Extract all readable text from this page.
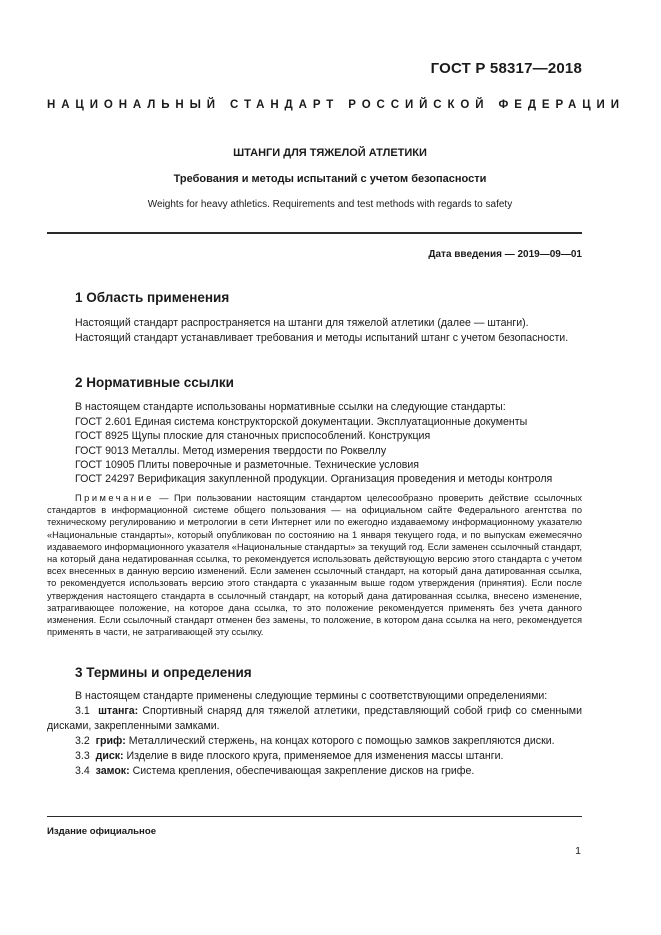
ГОСТ Р 58317—2018
НАЦИОНАЛЬНЫЙ СТАНДАРТ РОССИЙСКОЙ ФЕДЕРАЦИИ
ШТАНГИ ДЛЯ ТЯЖЕЛОЙ АТЛЕТИКИ
Требования и методы испытаний с учетом безопасности
Weights for heavy athletics. Requirements and test methods with regards to safety
Дата введения — 2019—09—01
1 Область применения
Настоящий стандарт распространяется на штанги для тяжелой атлетики (далее — штанги).
Настоящий стандарт устанавливает требования и методы испытаний штанг с учетом безопасности.
2 Нормативные ссылки
В настоящем стандарте использованы нормативные ссылки на следующие стандарты:
ГОСТ 2.601 Единая система конструкторской документации. Эксплуатационные документы
ГОСТ 8925 Щупы плоские для станочных приспособлений. Конструкция
ГОСТ 9013 Металлы. Метод измерения твердости по Роквеллу
ГОСТ 10905 Плиты поверочные и разметочные. Технические условия
ГОСТ 24297 Верификация закупленной продукции. Организация проведения и методы контроля
Примечание — При пользовании настоящим стандартом целесообразно проверить действие ссылочных стандартов в информационной системе общего пользования — на официальном сайте Федерального агентства по техническому регулированию и метрологии в сети Интернет или по ежегодно издаваемому информационному указателю «Национальные стандарты», который опубликован по состоянию на 1 января текущего года, и по выпускам ежемесячно издаваемого информационного указателя «Национальные стандарты» за текущий год. Если заменен ссылочный стандарт, на который дана недатированная ссылка, то рекомендуется использовать действующую версию этого стандарта с учетом всех внесенных в данную версию изменений. Если заменен ссылочный стандарт, на который дана датированная ссылка, то рекомендуется использовать версию этого стандарта с указанным выше годом утверждения (принятия). Если после утверждения настоящего стандарта в ссылочный стандарт, на который дана датированная ссылка, внесено изменение, затрагивающее положение, на которое дана ссылка, то это положение рекомендуется применять без учета данного изменения. Если ссылочный стандарт отменен без замены, то положение, в котором дана ссылка на него, рекомендуется применять в части, не затрагивающей эту ссылку.
3 Термины и определения
В настоящем стандарте применены следующие термины с соответствующими определениями:
3.1 штанга: Спортивный снаряд для тяжелой атлетики, представляющий собой гриф со сменными дисками, закрепленными замками.
3.2 гриф: Металлический стержень, на концах которого с помощью замков закрепляются диски.
3.3 диск: Изделие в виде плоского круга, применяемое для изменения массы штанги.
3.4 замок: Система крепления, обеспечивающая закрепление дисков на грифе.
Издание официальное
1
